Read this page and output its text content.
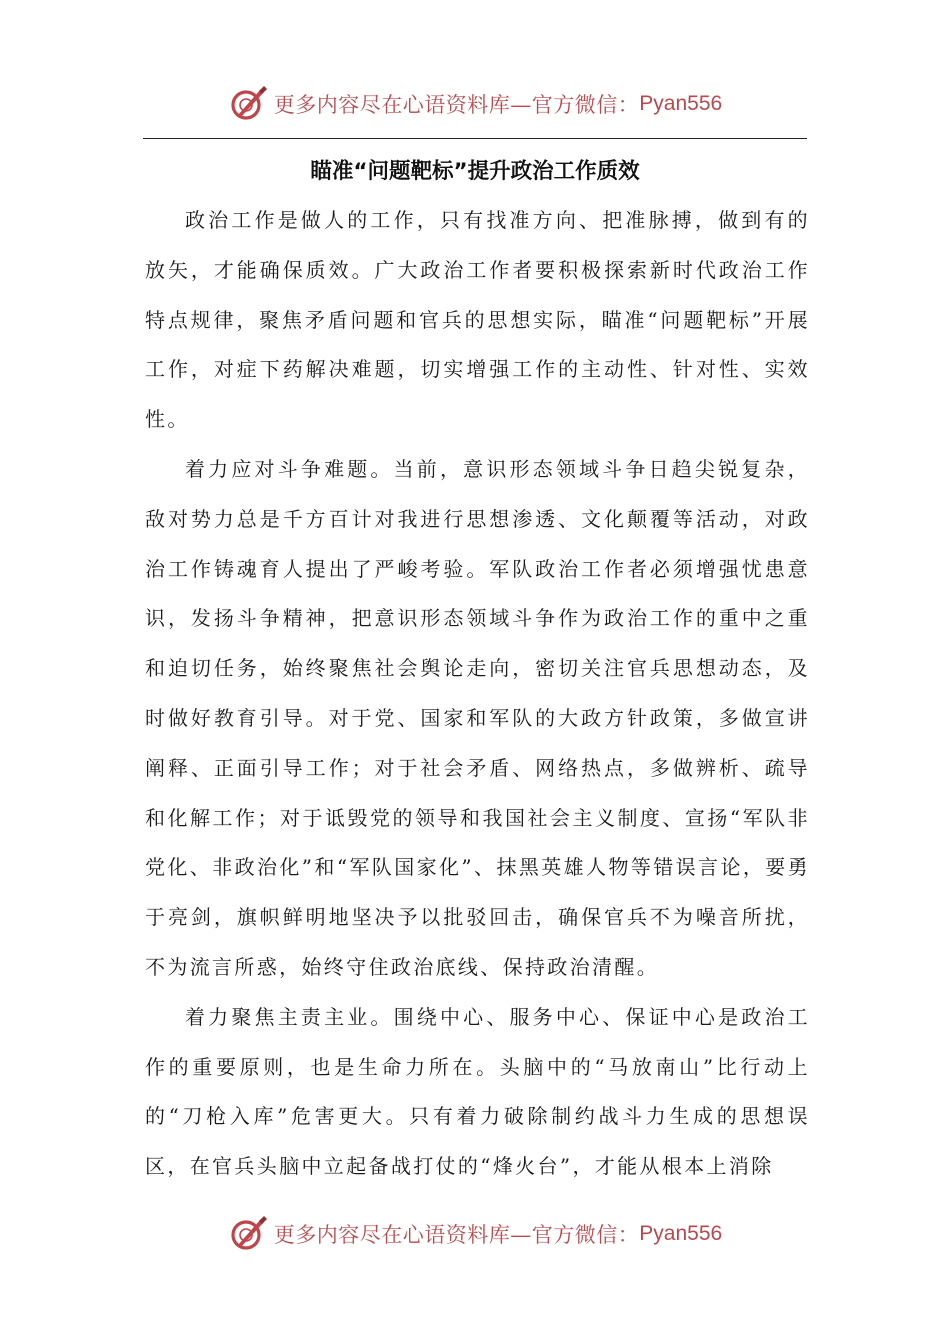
更多内容尽在心语资料库—官方微信： Pyan556
瞄准“问题靶标”提升政治工作质效

政治工作是做人的工作，只有找准方向、把准脉搏，做到有的放矢，才能确保质效。广大政治工作者要积极探索新时代政治工作特点规律，聚焦矛盾问题和官兵的思想实际，瞄准“问题靶标”开展工作，对症下药解决难题，切实增强工作的主动性、针对性、实效性。

着力应对斗争难题。当前，意识形态领域斗争日趋尖锐复杂，敌对势力总是千方百计对我进行思想渗透、文化颠覆等活动，对政治工作铸魂育人提出了严峻考验。军队政治工作者必须增强忧患意识，发扬斗争精神，把意识形态领域斗争作为政治工作的重中之重和迫切任务，始终聚焦社会舆论走向，密切关注官兵思想动态，及时做好教育引导。对于党、国家和军队的大政方针政策，多做宣讲阐释、正面引导工作；对于社会矛盾、网络热点，多做辨析、疏导和化解工作；对于诋毁党的领导和我国社会主义制度、宣扬“军队非党化、非政治化”和“军队国家化”、抹黑英雄人物等错误言论，要勇于亮剑，旗帜鲜明地坚决予以批驳回击，确保官兵不为噪音所扰，不为流言所惑，始终守住政治底线、保持政治清醒。

着力聚焦主责主业。围绕中心、服务中心、保证中心是政治工作的重要原则，也是生命力所在。头脑中的“马放南山”比行动上的“刀枪入库”危害更大。只有着力破除制约战斗力生成的思想误区，在官兵头脑中立起备战打仗的“烽火台”，才能从根本上消除

更多内容尽在心语资料库—官方微信： Pyan556
